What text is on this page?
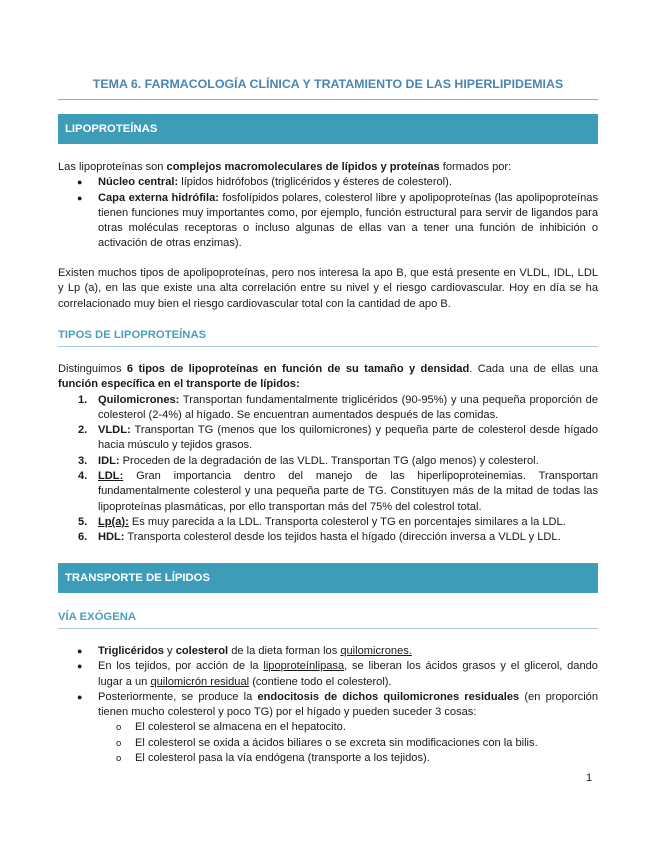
TEMA 6. FARMACOLOGÍA CLÍNICA Y TRATAMIENTO DE LAS HIPERLIPIDEMIAS
LIPOPROTEÍNAS

Las lipoproteínas son complejos macromoleculares de lípidos y proteínas formados por:

● Núcleo central: lípidos hidrófobos (triglicéridos y ésteres de colesterol).
● Capa externa hidrófila: fosfolípidos polares, colesterol libre y apolipoproteínas (las apolipoproteínas tienen funciones muy importantes como, por ejemplo, función estructural para servir de ligandos para otras moléculas receptoras o incluso algunas de ellas van a tener una función de inhibición o activación de otras enzimas).

Existen muchos tipos de apolipoproteínas, pero nos interesa la apo B, que está presente en VLDL, IDL, LDL y Lp (a), en las que existe una alta correlación entre su nivel y el riesgo cardiovascular. Hoy en día se ha correlacionado muy bien el riesgo cardiovascular total con la cantidad de apo B.

TIPOS DE LIPOPROTEÍNAS

Distinguimos 6 tipos de lipoproteínas en función de su tamaño y densidad. Cada una de ellas una función específica en el transporte de lípidos:

1. Quilomicrones: Transportan fundamentalmente triglicéridos (90-95%) y una pequeña proporción de colesterol (2-4%) al hígado. Se encuentran aumentados después de las comidas.
2. VLDL: Transportan TG (menos que los quilomicrones) y pequeña parte de colesterol desde hígado hacia músculo y tejidos grasos.
3. IDL: Proceden de la degradación de las VLDL. Transportan TG (algo menos) y colesterol.
4. LDL: Gran importancia dentro del manejo de las hiperlipoproteinemias. Transportan fundamentalmente colesterol y una pequeña parte de TG. Constituyen más de la mitad de todas las lipoproteínas plasmáticas, por ello transportan más del 75% del colestrol total.
5. Lp(a): Es muy parecida a la LDL. Transporta colesterol y TG en porcentajes similares a la LDL.
6. HDL: Transporta colesterol desde los tejidos hasta el hígado (dirección inversa a VLDL y LDL.
TRANSPORTE DE LÍPIDOS
VÍA EXÓGENA
● Triglicéridos y colesterol de la dieta forman los quilomicrones.
● En los tejidos, por acción de la lipoproteínlipasa, se liberan los ácidos grasos y el glicerol, dando lugar a un quilomicrón residual (contiene todo el colesterol).
● Posteriormente, se produce la endocitosis de dichos quilomicrones residuales (en proporción tienen mucho colesterol y poco TG) por el hígado y pueden suceder 3 cosas:
o El colesterol se almacena en el hepatocito.
o El colesterol se oxida a ácidos biliares o se excreta sin modificaciones con la bilis.
o El colesterol pasa la vía endógena (transporte a los tejidos).
1
